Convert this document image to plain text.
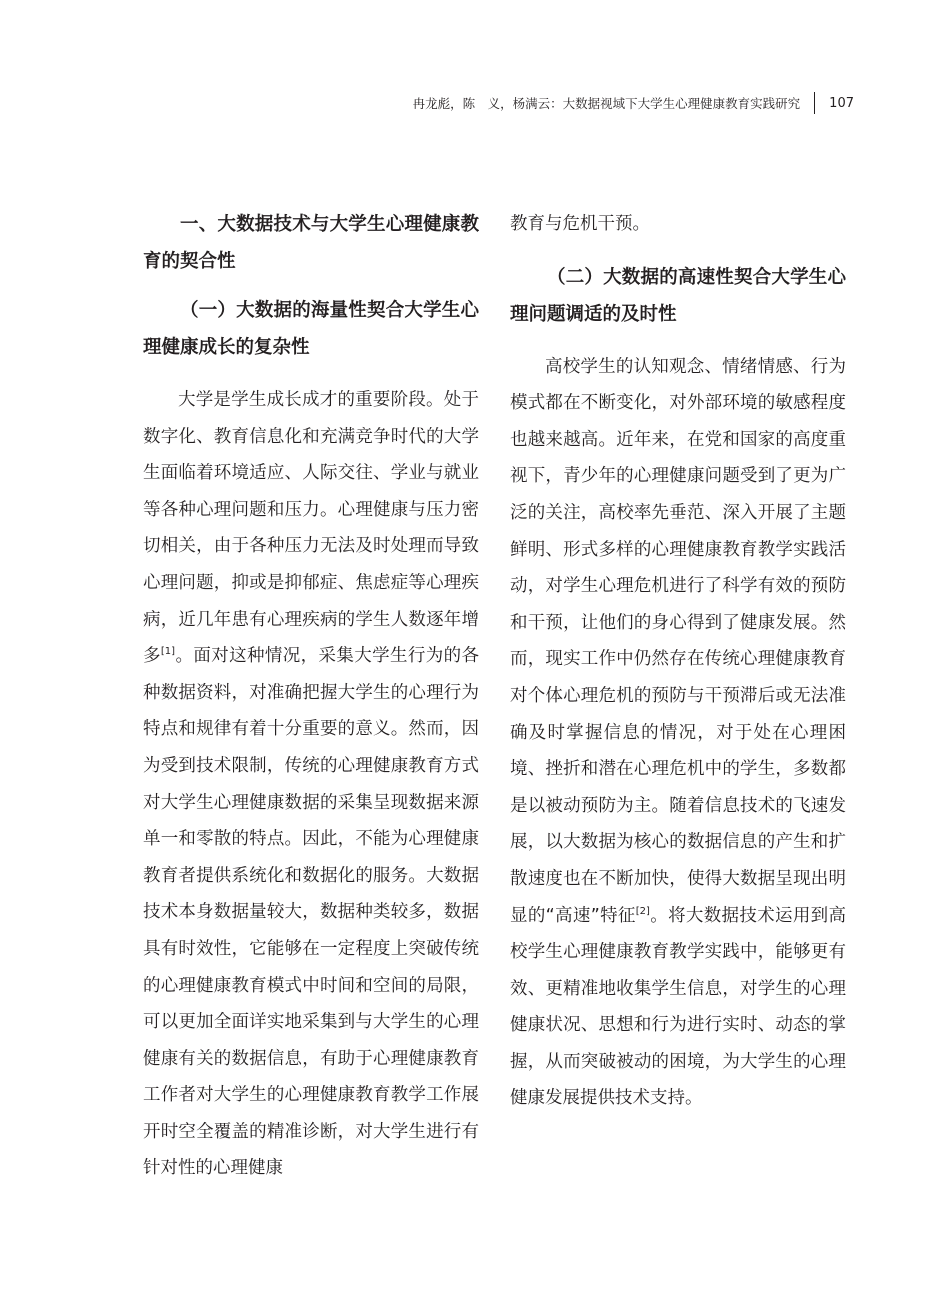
冉龙彪，陈　义，杨满云：大数据视域下大学生心理健康教育实践研究 107
一、大数据技术与大学生心理健康教育的契合性
（一）大数据的海量性契合大学生心理健康成长的复杂性

大学是学生成长成才的重要阶段。处于数字化、教育信息化和充满竞争时代的大学生面临着环境适应、人际交往、学业与就业等各种心理问题和压力。心理健康与压力密切相关，由于各种压力无法及时处理而导致心理问题，抑或是抑郁症、焦虑症等心理疾病，近几年患有心理疾病的学生人数逐年增多[1]。面对这种情况，采集大学生行为的各种数据资料，对准确把握大学生的心理行为特点和规律有着十分重要的意义。然而，因为受到技术限制，传统的心理健康教育方式对大学生心理健康数据的采集呈现数据来源单一和零散的特点。因此，不能为心理健康教育者提供系统化和数据化的服务。大数据技术本身数据量较大，数据种类较多，数据具有时效性，它能够在一定程度上突破传统的心理健康教育模式中时间和空间的局限，可以更加全面详实地采集到与大学生的心理健康有关的数据信息，有助于心理健康教育工作者对大学生的心理健康教育教学工作展开时空全覆盖的精准诊断，对大学生进行有针对性的心理健康

教育与危机干预。

（二）大数据的高速性契合大学生心理问题调适的及时性

高校学生的认知观念、情绪情感、行为模式都在不断变化，对外部环境的敏感程度也越来越高。近年来，在党和国家的高度重视下，青少年的心理健康问题受到了更为广泛的关注，高校率先垂范、深入开展了主题鲜明、形式多样的心理健康教育教学实践活动，对学生心理危机进行了科学有效的预防和干预，让他们的身心得到了健康发展。然而，现实工作中仍然存在传统心理健康教育对个体心理危机的预防与干预滞后或无法准确及时掌握信息的情况，对于处在心理困境、挫折和潜在心理危机中的学生，多数都是以被动预防为主。随着信息技术的飞速发展，以大数据为核心的数据信息的产生和扩散速度也在不断加快，使得大数据呈现出明显的“高速”特征[2]。将大数据技术运用到高校学生心理健康教育教学实践中，能够更有效、更精准地收集学生信息，对学生的心理健康状况、思想和行为进行实时、动态的掌握，从而突破被动的困境，为大学生的心理健康发展提供技术支持。
